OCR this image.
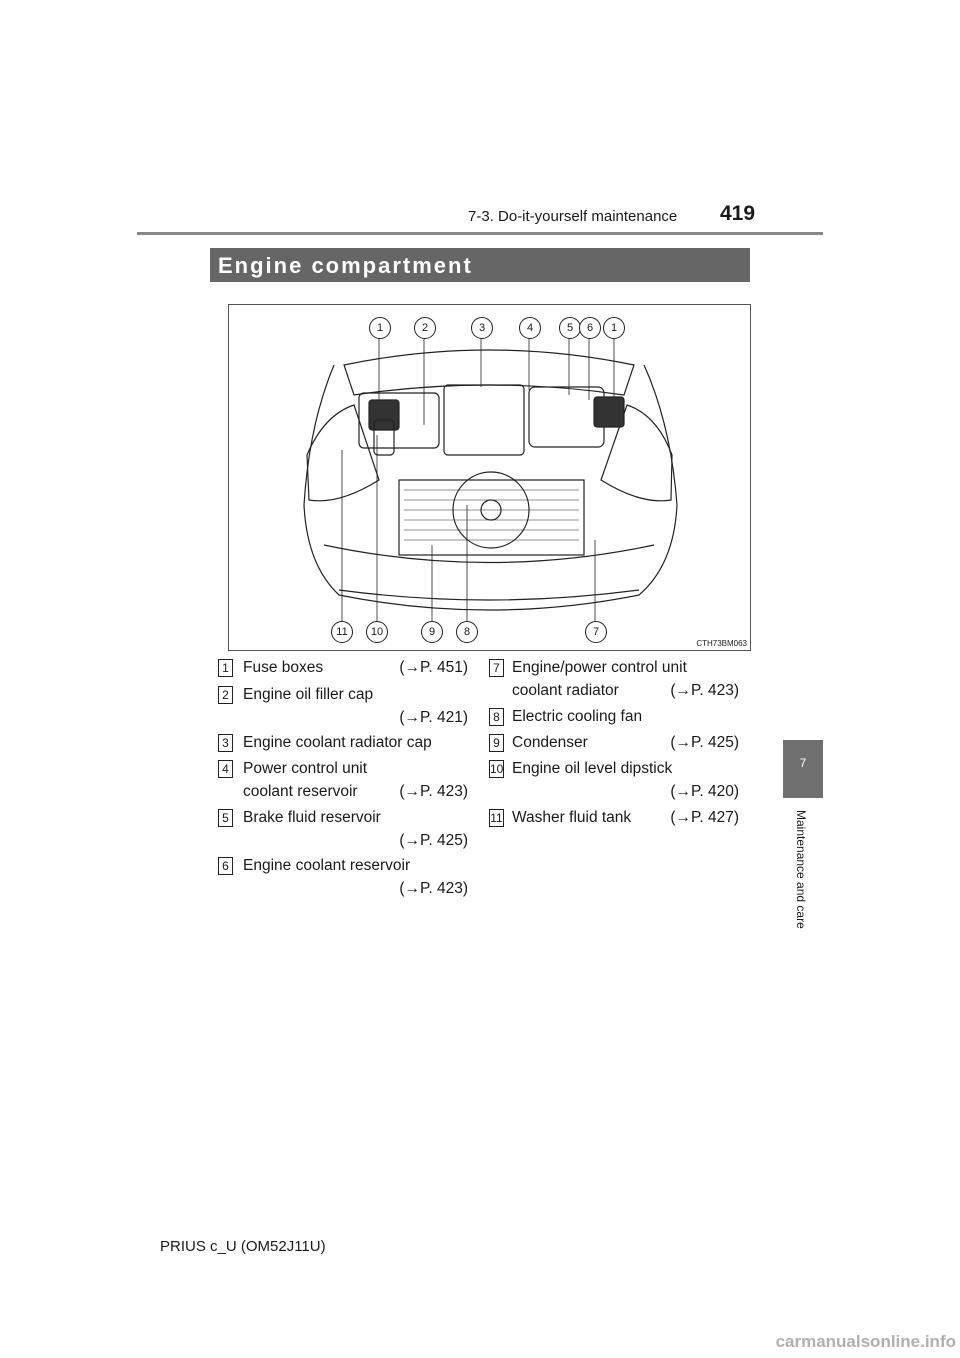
7-3. Do-it-yourself maintenance 419
7
Maintenance and care
Engine compartment
1	2	3	4	5	6	1
11	10	9	8	7
CTH73BM063
1 Fuse boxes	(→P. 451)
2 Engine oil filler cap
(→P. 421)
3 Engine coolant radiator cap
4 Power control unit
coolant reservoir	(→P. 423)
5 Brake fluid reservoir
(→P. 425)
6 Engine coolant reservoir
(→P. 423)
7 Engine/power control unit
coolant radiator	(→P. 423)
8 Electric cooling fan
9 Condenser	(→P. 425)
10 Engine oil level dipstick
(→P. 420)
11 Washer fluid tank	(→P. 427)
PRIUS c_U (OM52J11U)
carmanualsonline.info
